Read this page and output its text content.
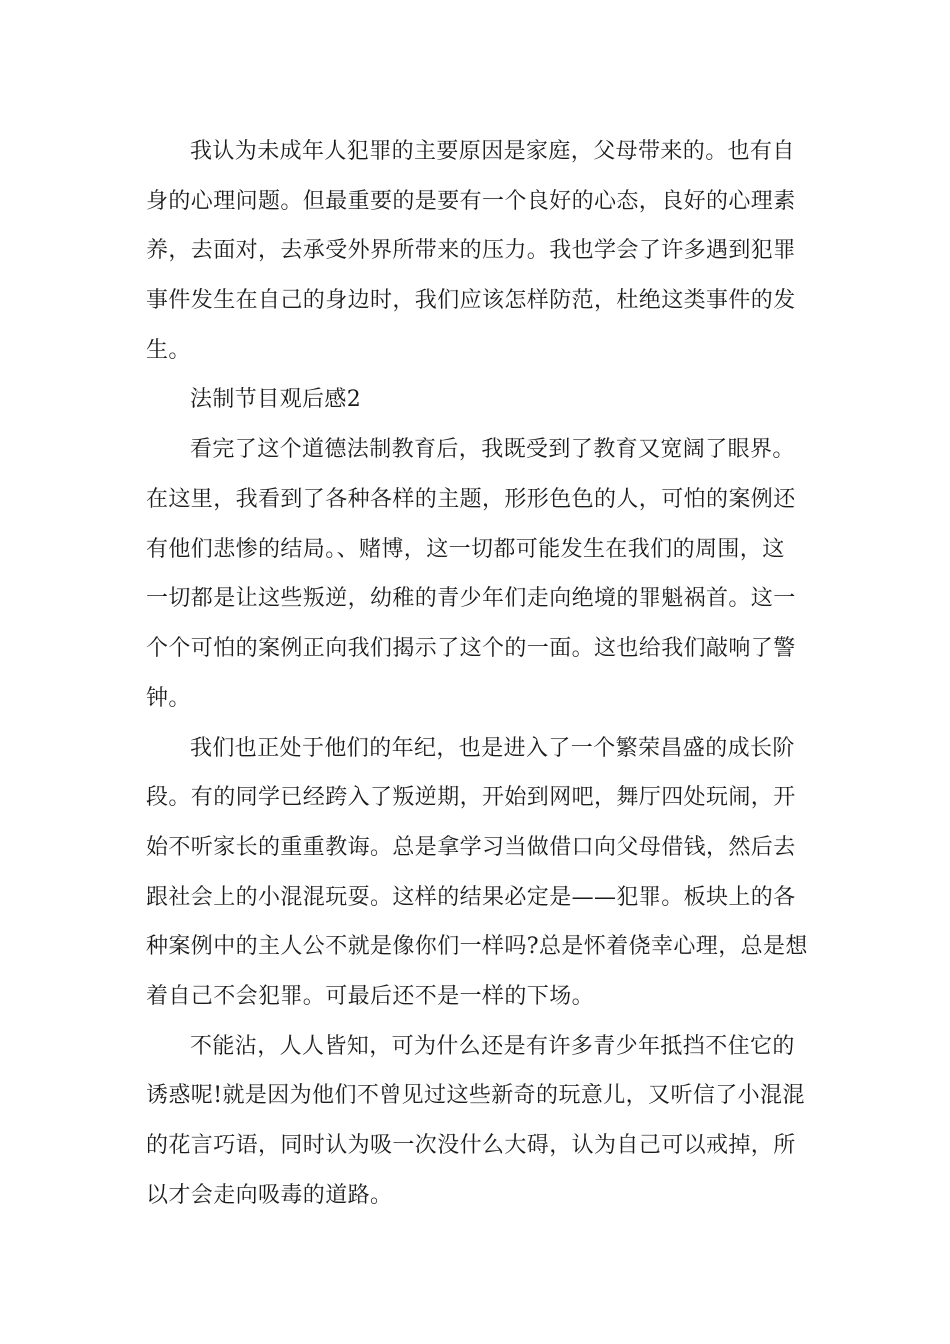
我认为未成年人犯罪的主要原因是家庭，父母带来的。也有自
身的心理问题。但最重要的是要有一个良好的心态，良好的心理素
养，去面对，去承受外界所带来的压力。我也学会了许多遇到犯罪
事件发生在自己的身边时，我们应该怎样防范，杜绝这类事件的发
生。
法制节目观后感2
看完了这个道德法制教育后，我既受到了教育又宽阔了眼界。
在这里，我看到了各种各样的主题，形形色色的人，可怕的案例还
有他们悲惨的结局。、赌博，这一切都可能发生在我们的周围，这
一切都是让这些叛逆，幼稚的青少年们走向绝境的罪魁祸首。这一
个个可怕的案例正向我们揭示了这个的一面。这也给我们敲响了警
钟。
我们也正处于他们的年纪，也是进入了一个繁荣昌盛的成长阶
段。有的同学已经跨入了叛逆期，开始到网吧，舞厅四处玩闹，开
始不听家长的重重教诲。总是拿学习当做借口向父母借钱，然后去
跟社会上的小混混玩耍。这样的结果必定是——犯罪。板块上的各
种案例中的主人公不就是像你们一样吗?总是怀着侥幸心理，总是想
着自己不会犯罪。可最后还不是一样的下场。
不能沾，人人皆知，可为什么还是有许多青少年抵挡不住它的
诱惑呢!就是因为他们不曾见过这些新奇的玩意儿，又听信了小混混
的花言巧语，同时认为吸一次没什么大碍，认为自己可以戒掉，所
以才会走向吸毒的道路。
